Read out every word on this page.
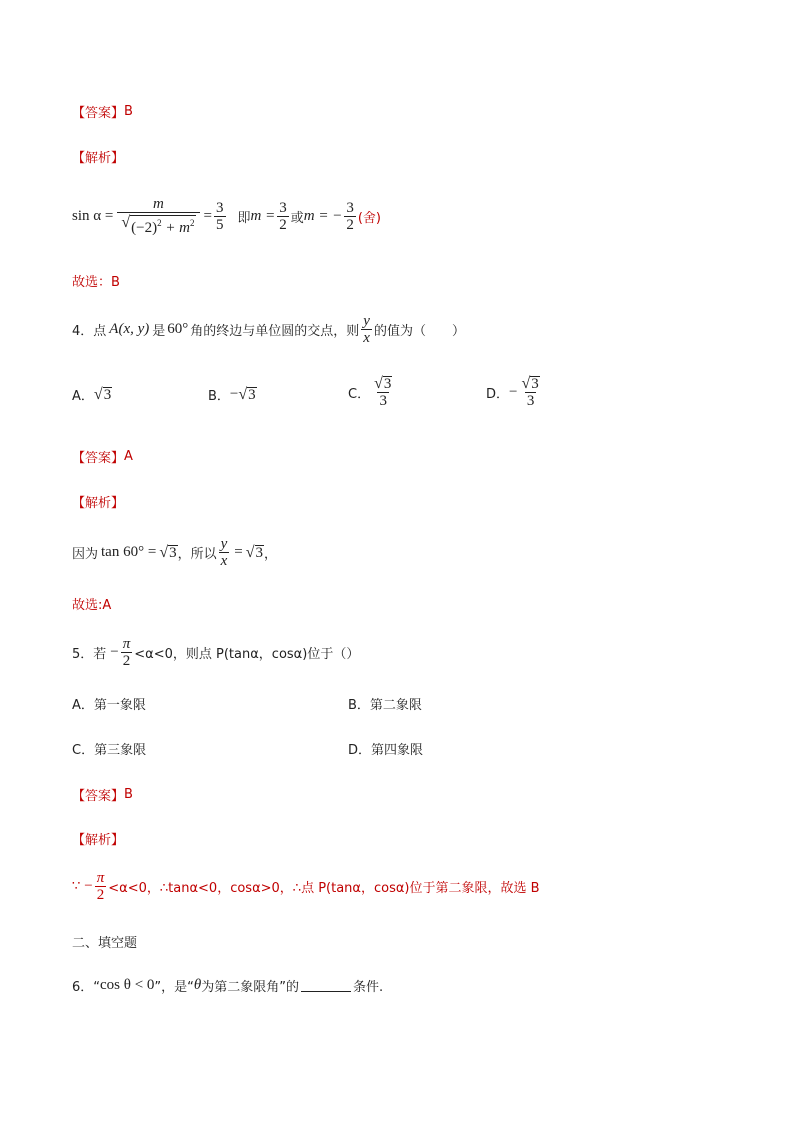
【答案】 B
【解析】
$\sin \alpha = \frac{m}{√ (-2)^2 + m^2} = \frac{3}{5}$ 即 $m = \frac{3}{2}$ 或 m = − $\frac{3}{2}$ (舍)
故选：B
4．点 A(x, y) 是 60° 角的终边与单位圆的交点，则 $\frac{y}{x}$ 的值为（　　）
A． √ 3	B． − √ 3	C． $\frac{√ 3}{3}$	D． − $\frac{√ 3}{3}$
【答案】 A
【解析】
因为 tan 60° = √ 3 ，所以 $\frac{y}{x}$ = √ 3 ，
故选:A
5．若 − $\frac{\pi}{2} <\alpha<0$，则点 P(tanα，cosα)位于（）
A．第一象限	B．第二象限
C．第三象限	D．第四象限
【答案】 B
【解析】
∵ − $\frac{\pi}{2} <\alpha<0$，∴tanα<0，cosα>0，∴点 P(tanα，cosα)位于第二象限，故选 B
二、填空题
6．“ cos θ < 0 ”，是“ θ 为第二象限角”的	条件.
